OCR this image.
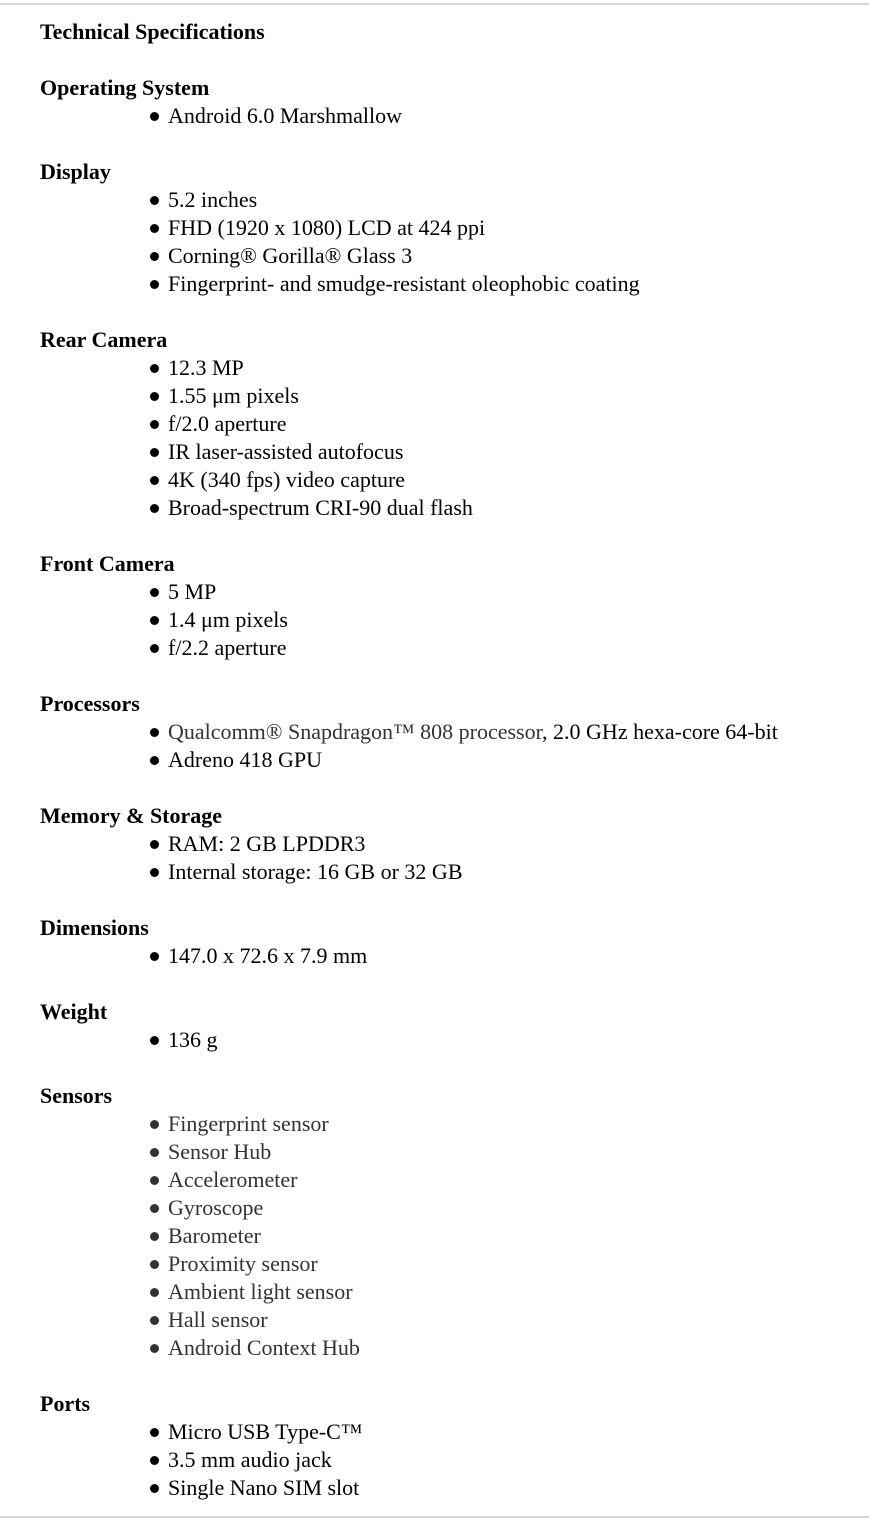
Technical Specifications
Operating System
Android 6.0 Marshmallow
Display
5.2 inches
FHD (1920 x 1080) LCD at 424 ppi
Corning® Gorilla® Glass 3
Fingerprint- and smudge-resistant oleophobic coating
Rear Camera
12.3 MP
1.55 μm pixels
f/2.0 aperture
IR laser-assisted autofocus
4K (340 fps) video capture
Broad-spectrum CRI-90 dual flash
Front Camera
5 MP
1.4 μm pixels
f/2.2 aperture
Processors
Qualcomm® Snapdragon™ 808 processor, 2.0 GHz hexa-core 64-bit
Adreno 418 GPU
Memory & Storage
RAM: 2 GB LPDDR3
Internal storage: 16 GB or 32 GB
Dimensions
147.0 x 72.6 x 7.9 mm
Weight
136 g
Sensors
Fingerprint sensor
Sensor Hub
Accelerometer
Gyroscope
Barometer
Proximity sensor
Ambient light sensor
Hall sensor
Android Context Hub
Ports
Micro USB Type-C™
3.5 mm audio jack
Single Nano SIM slot
